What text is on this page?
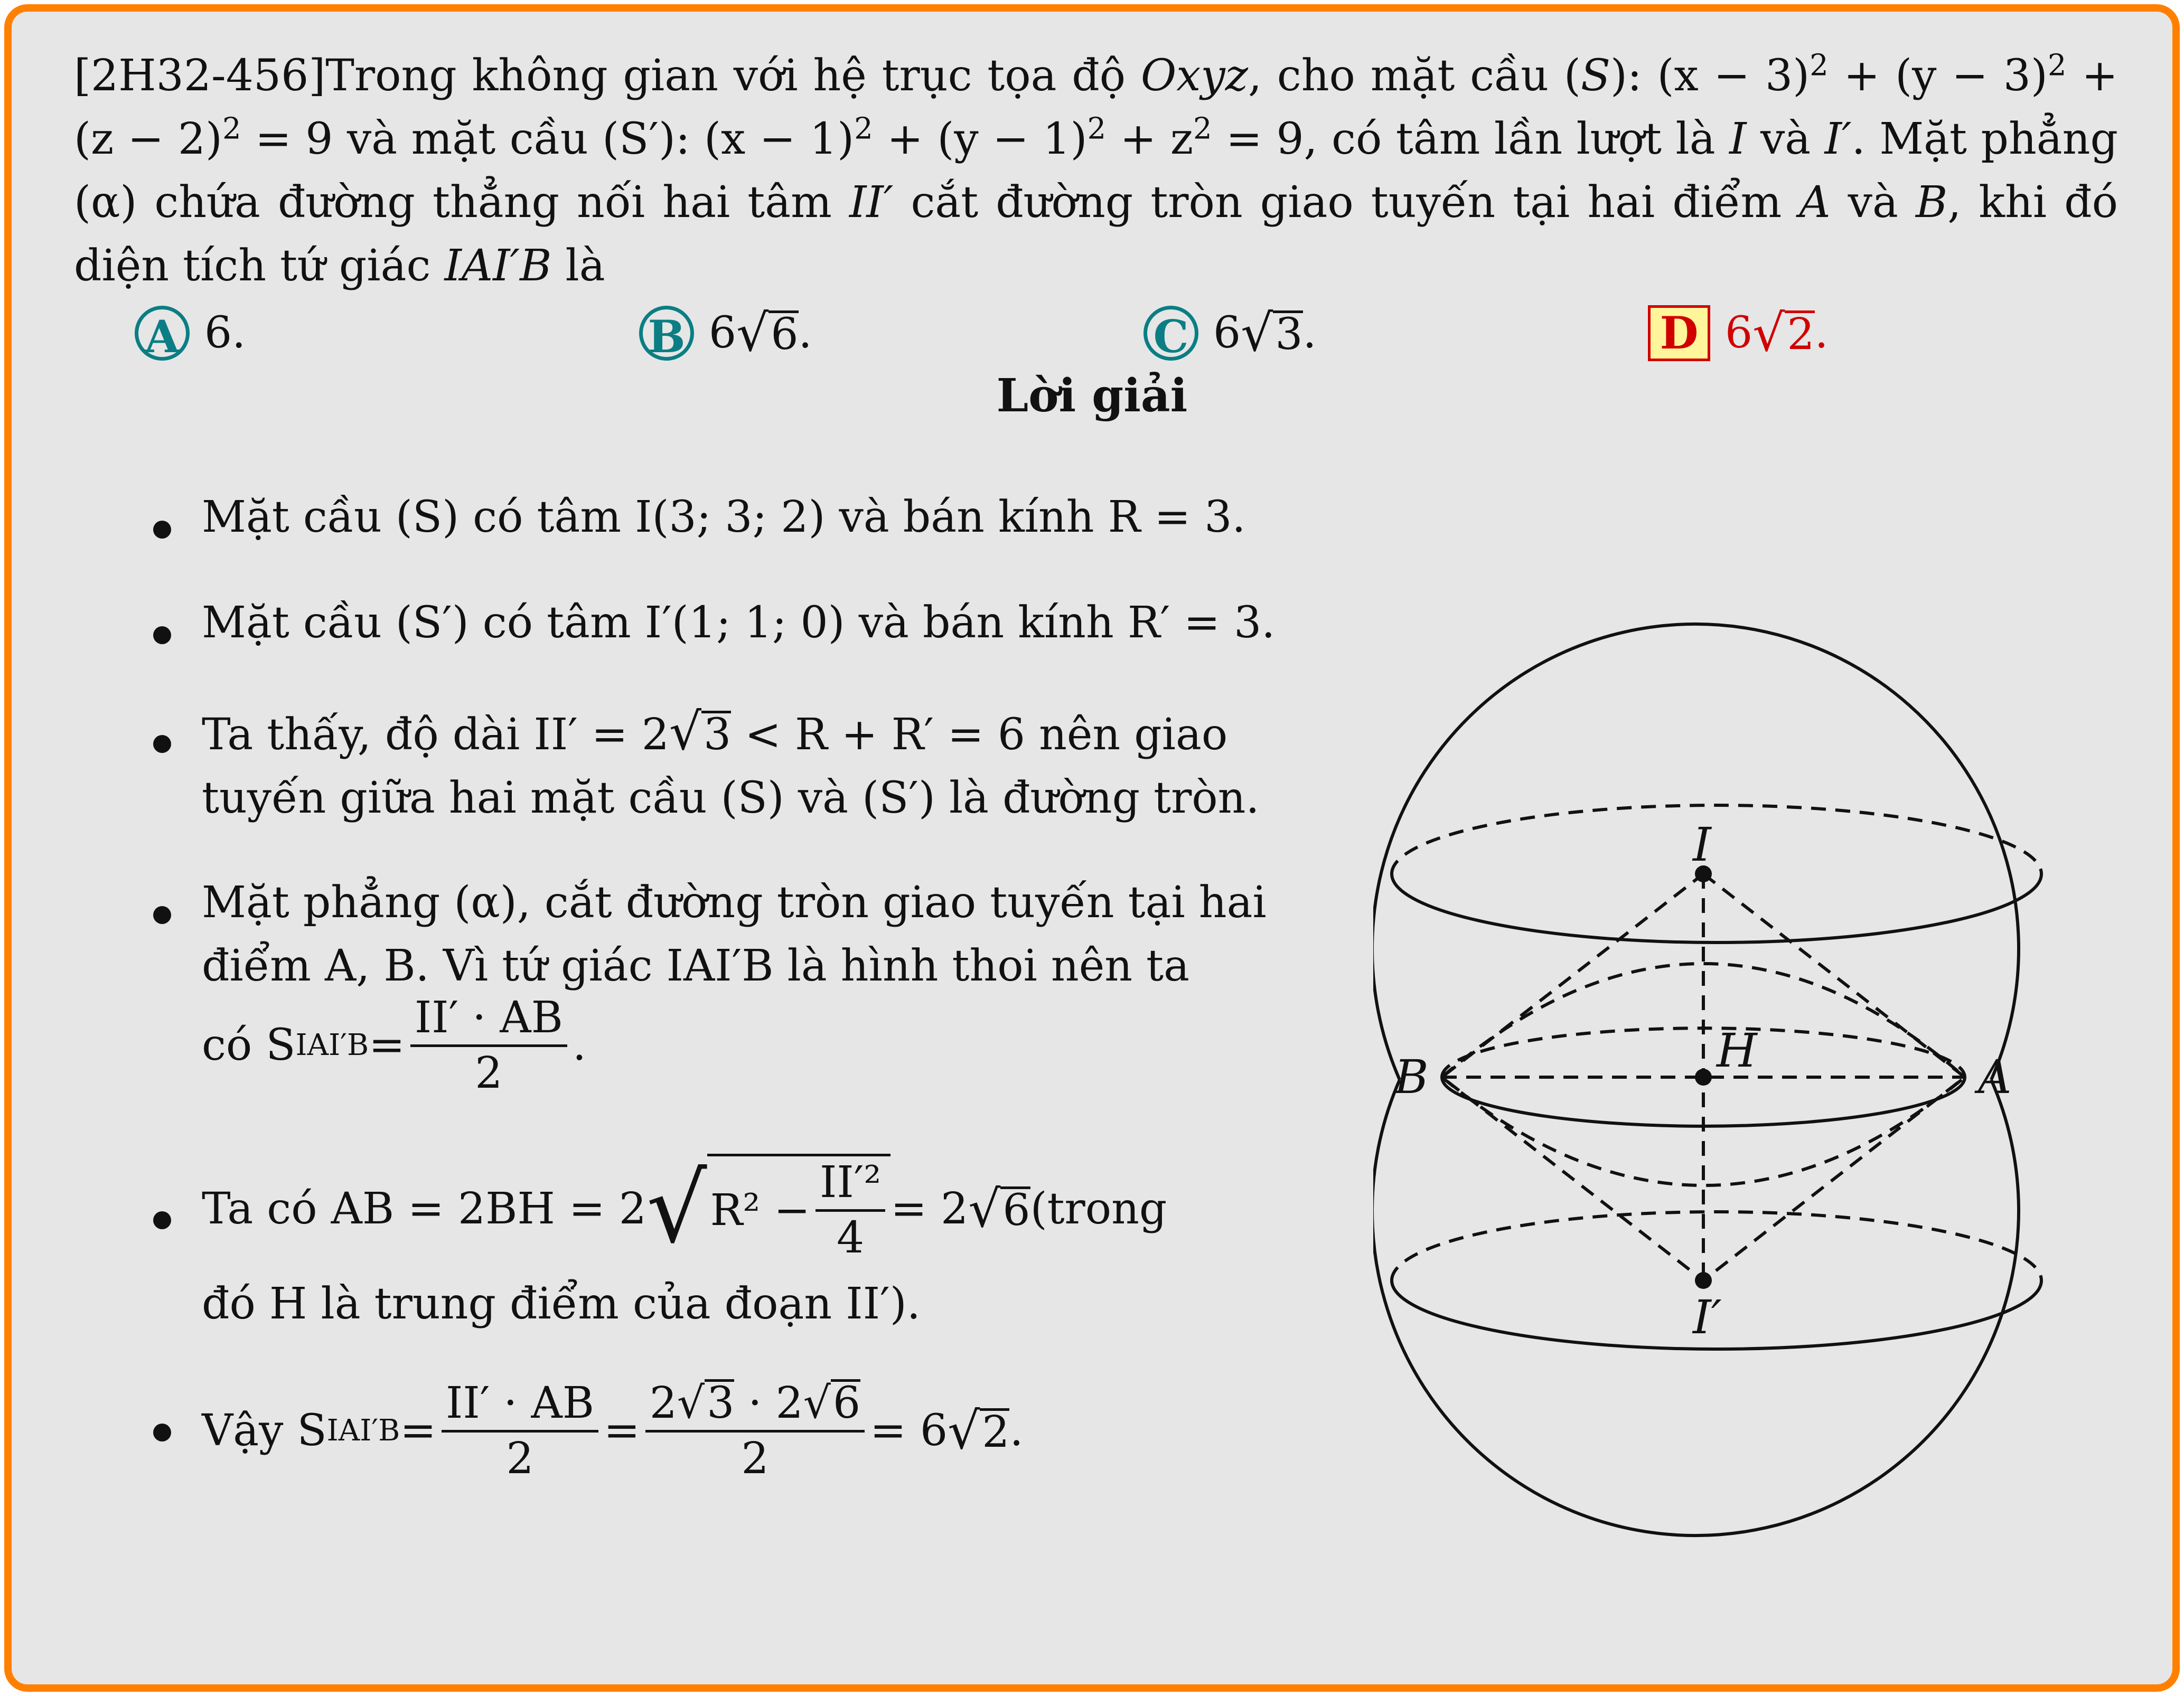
[2H32-456]Trong không gian với hệ trục tọa độ Oxyz, cho mặt cầu (S): $(x - 3)^2 + (y - 3)^2 + (z - 2)^2 = 9$ và mặt cầu (S′): $(x - 1)^2 + (y - 1)^2 + z^2 = 9$, có tâm lần lượt là I và I′. Mặt phẳng (α) chứa đường thẳng nối hai tâm II′ cắt đường tròn giao tuyến tại hai điểm A và B, khi đó diện tích tứ giác IAI′B là
A 6.	B 6 √ 6 .	C 6 √ 3 .	D 6 √ 2 .
Lời giải
Mặt cầu (S) có tâm I(3; 3; 2) và bán kính R = 3.
Mặt cầu (S′) có tâm I′(1; 1; 0) và bán kính R′ = 3.
Ta thấy, độ dài II′ = 2√3 < R + R′ = 6 nên giao
tuyến giữa hai mặt cầu (S) và (S′) là đường tròn.
Mặt phẳng (α), cắt đường tròn giao tuyến tại hai
điểm A, B. Vì tứ giác IAI′B là hình thoi nên ta
có S $IAI'B = \frac{II' \cdot AB}{2}$ .
Ta có AB = 2BH = 2 √ $R^2 - \frac{\text{II′²}}{4} = 2$ √ 6 (trong
đó H là trung điểm của đoạn II′).
Vậy S $IAI'B = \frac{II' \cdot AB}{2} = \frac{2√3 \cdot 2√6}{2} = 6$ √ 2 .
I
H
I′
A
B
